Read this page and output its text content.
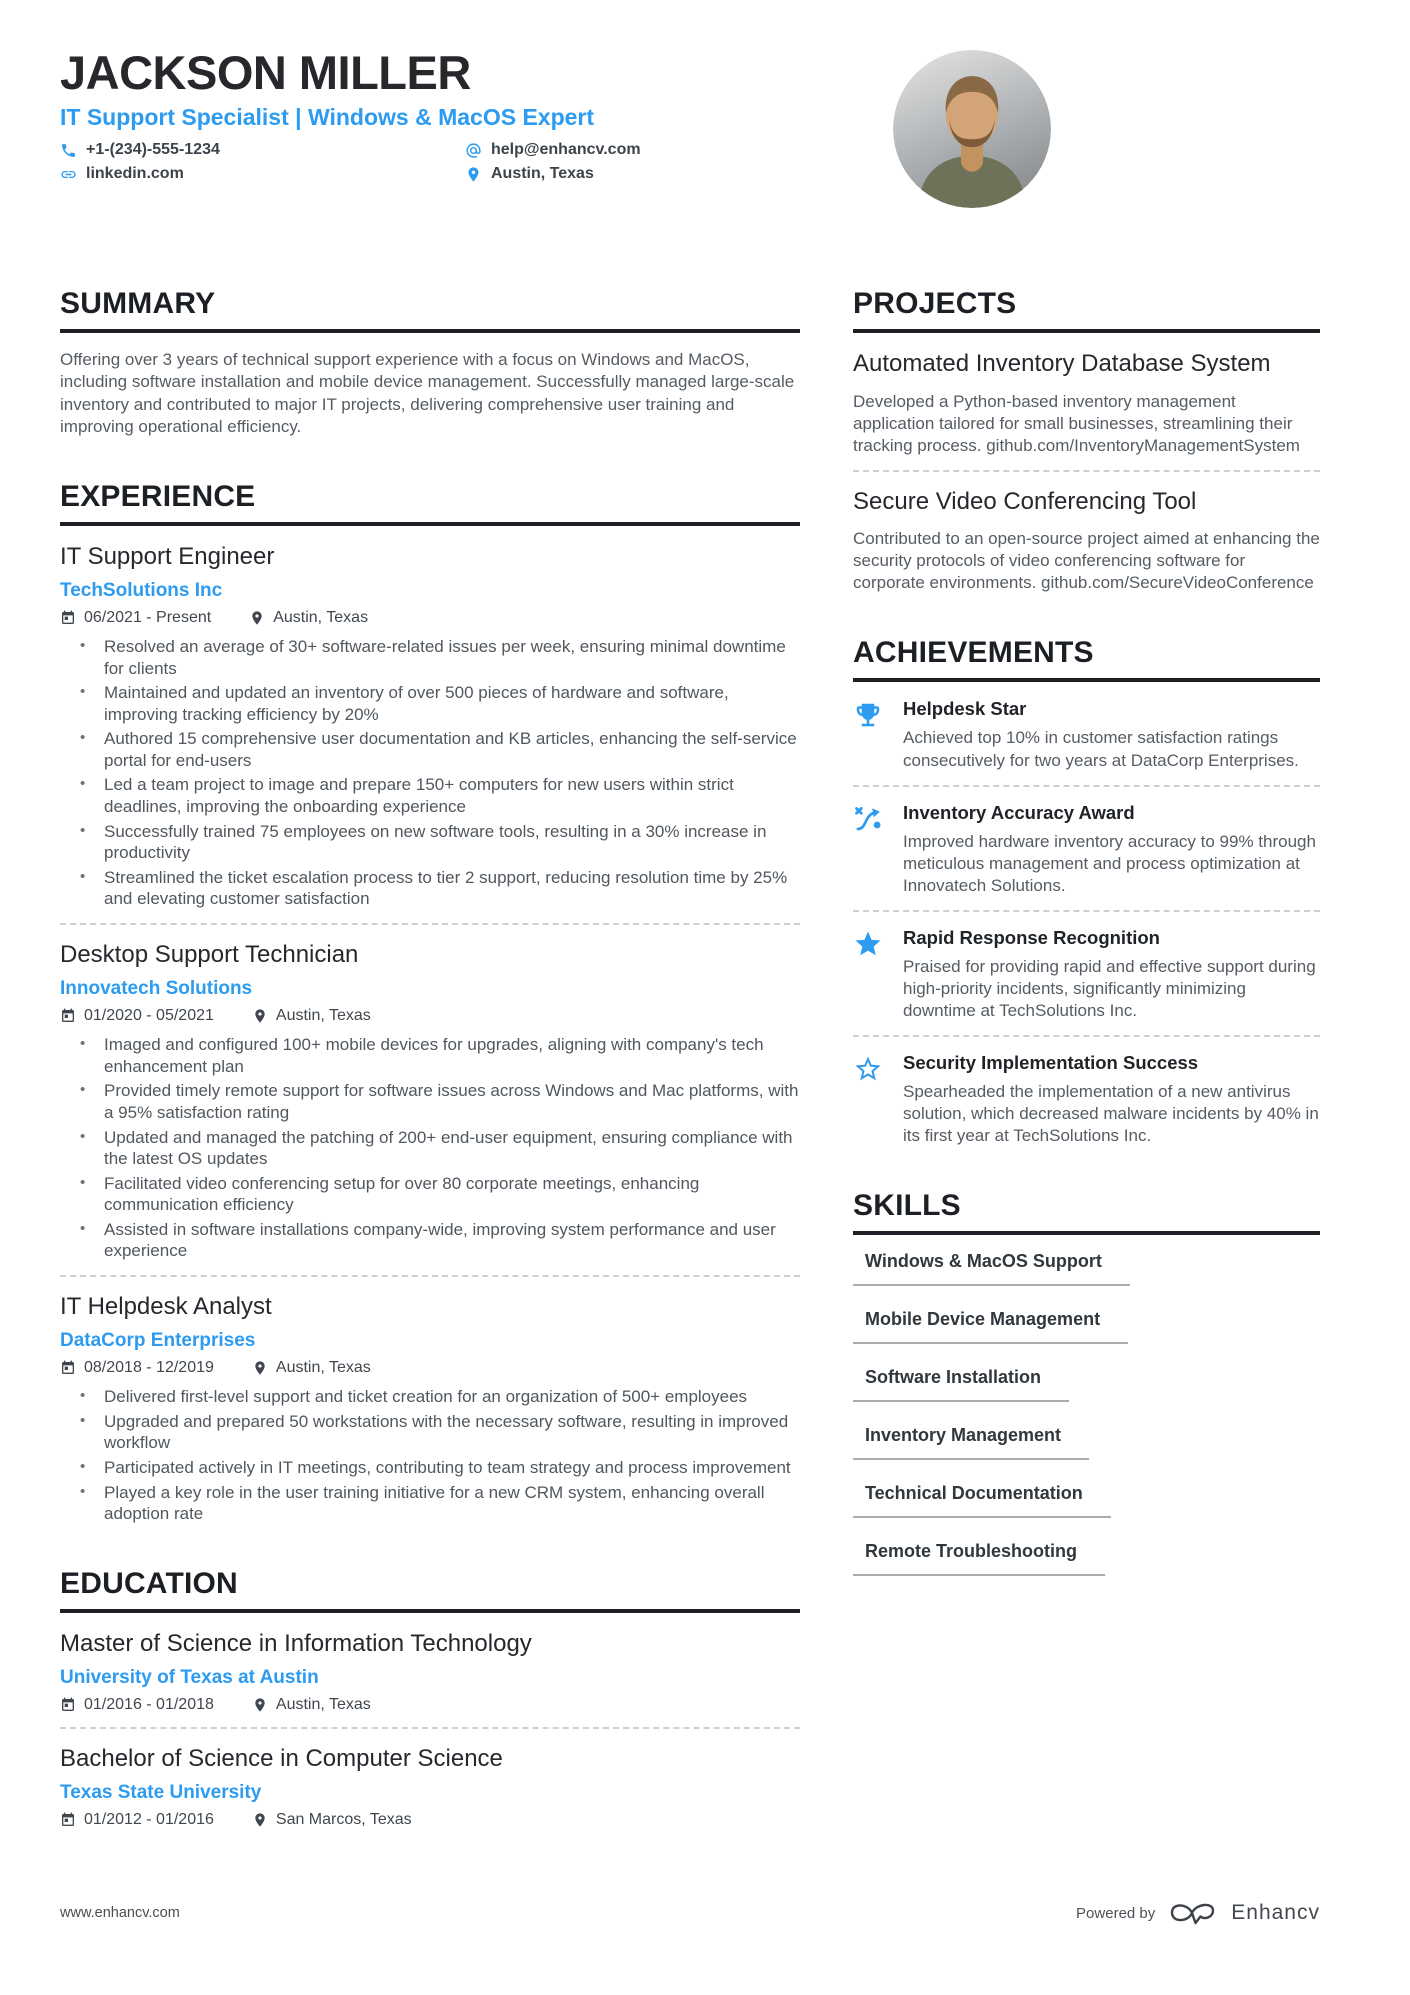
JACKSON MILLER
IT Support Specialist | Windows & MacOS Expert
+1-(234)-555-1234	help@enhancv.com
linkedin.com	Austin, Texas
SUMMARY

Offering over 3 years of technical support experience with a focus on Windows and MacOS, including software installation and mobile device management. Successfully managed large-scale inventory and contributed to major IT projects, delivering comprehensive user training and improving operational efficiency.

EXPERIENCE
IT Support Engineer
TechSolutions Inc
06/2021 - Present	Austin, Texas
• Resolved an average of 30+ software-related issues per week, ensuring minimal downtime for clients
• Maintained and updated an inventory of over 500 pieces of hardware and software, improving tracking efficiency by 20%
• Authored 15 comprehensive user documentation and KB articles, enhancing the self-service portal for end-users
• Led a team project to image and prepare 150+ computers for new users within strict deadlines, improving the onboarding experience
• Successfully trained 75 employees on new software tools, resulting in a 30% increase in productivity
• Streamlined the ticket escalation process to tier 2 support, reducing resolution time by 25% and elevating customer satisfaction
Desktop Support Technician
Innovatech Solutions
01/2020 - 05/2021	Austin, Texas
• Imaged and configured 100+ mobile devices for upgrades, aligning with company's tech enhancement plan
• Provided timely remote support for software issues across Windows and Mac platforms, with a 95% satisfaction rating
• Updated and managed the patching of 200+ end-user equipment, ensuring compliance with the latest OS updates
• Facilitated video conferencing setup for over 80 corporate meetings, enhancing communication efficiency
• Assisted in software installations company-wide, improving system performance and user experience
IT Helpdesk Analyst
DataCorp Enterprises
08/2018 - 12/2019	Austin, Texas
• Delivered first-level support and ticket creation for an organization of 500+ employees
• Upgraded and prepared 50 workstations with the necessary software, resulting in improved workflow
• Participated actively in IT meetings, contributing to team strategy and process improvement
• Played a key role in the user training initiative for a new CRM system, enhancing overall adoption rate
EDUCATION
Master of Science in Information Technology
University of Texas at Austin
01/2016 - 01/2018	Austin, Texas
Bachelor of Science in Computer Science
Texas State University
01/2012 - 01/2016	San Marcos, Texas
PROJECTS
Automated Inventory Database System

Developed a Python-based inventory management application tailored for small businesses, streamlining their tracking process. github.com/InventoryManagementSystem

Secure Video Conferencing Tool

Contributed to an open-source project aimed at enhancing the security protocols of video conferencing software for corporate environments. github.com/SecureVideoConference

ACHIEVEMENTS
Helpdesk Star

Achieved top 10% in customer satisfaction ratings consecutively for two years at DataCorp Enterprises.

Inventory Accuracy Award

Improved hardware inventory accuracy to 99% through meticulous management and process optimization at Innovatech Solutions.

Rapid Response Recognition

Praised for providing rapid and effective support during high-priority incidents, significantly minimizing downtime at TechSolutions Inc.

Security Implementation Success

Spearheaded the implementation of a new antivirus solution, which decreased malware incidents by 40% in its first year at TechSolutions Inc.

SKILLS
Windows & MacOS Support
Mobile Device Management
Software Installation
Inventory Management
Technical Documentation
Remote Troubleshooting
www.enhancv.com	Powered by	Enhancv
